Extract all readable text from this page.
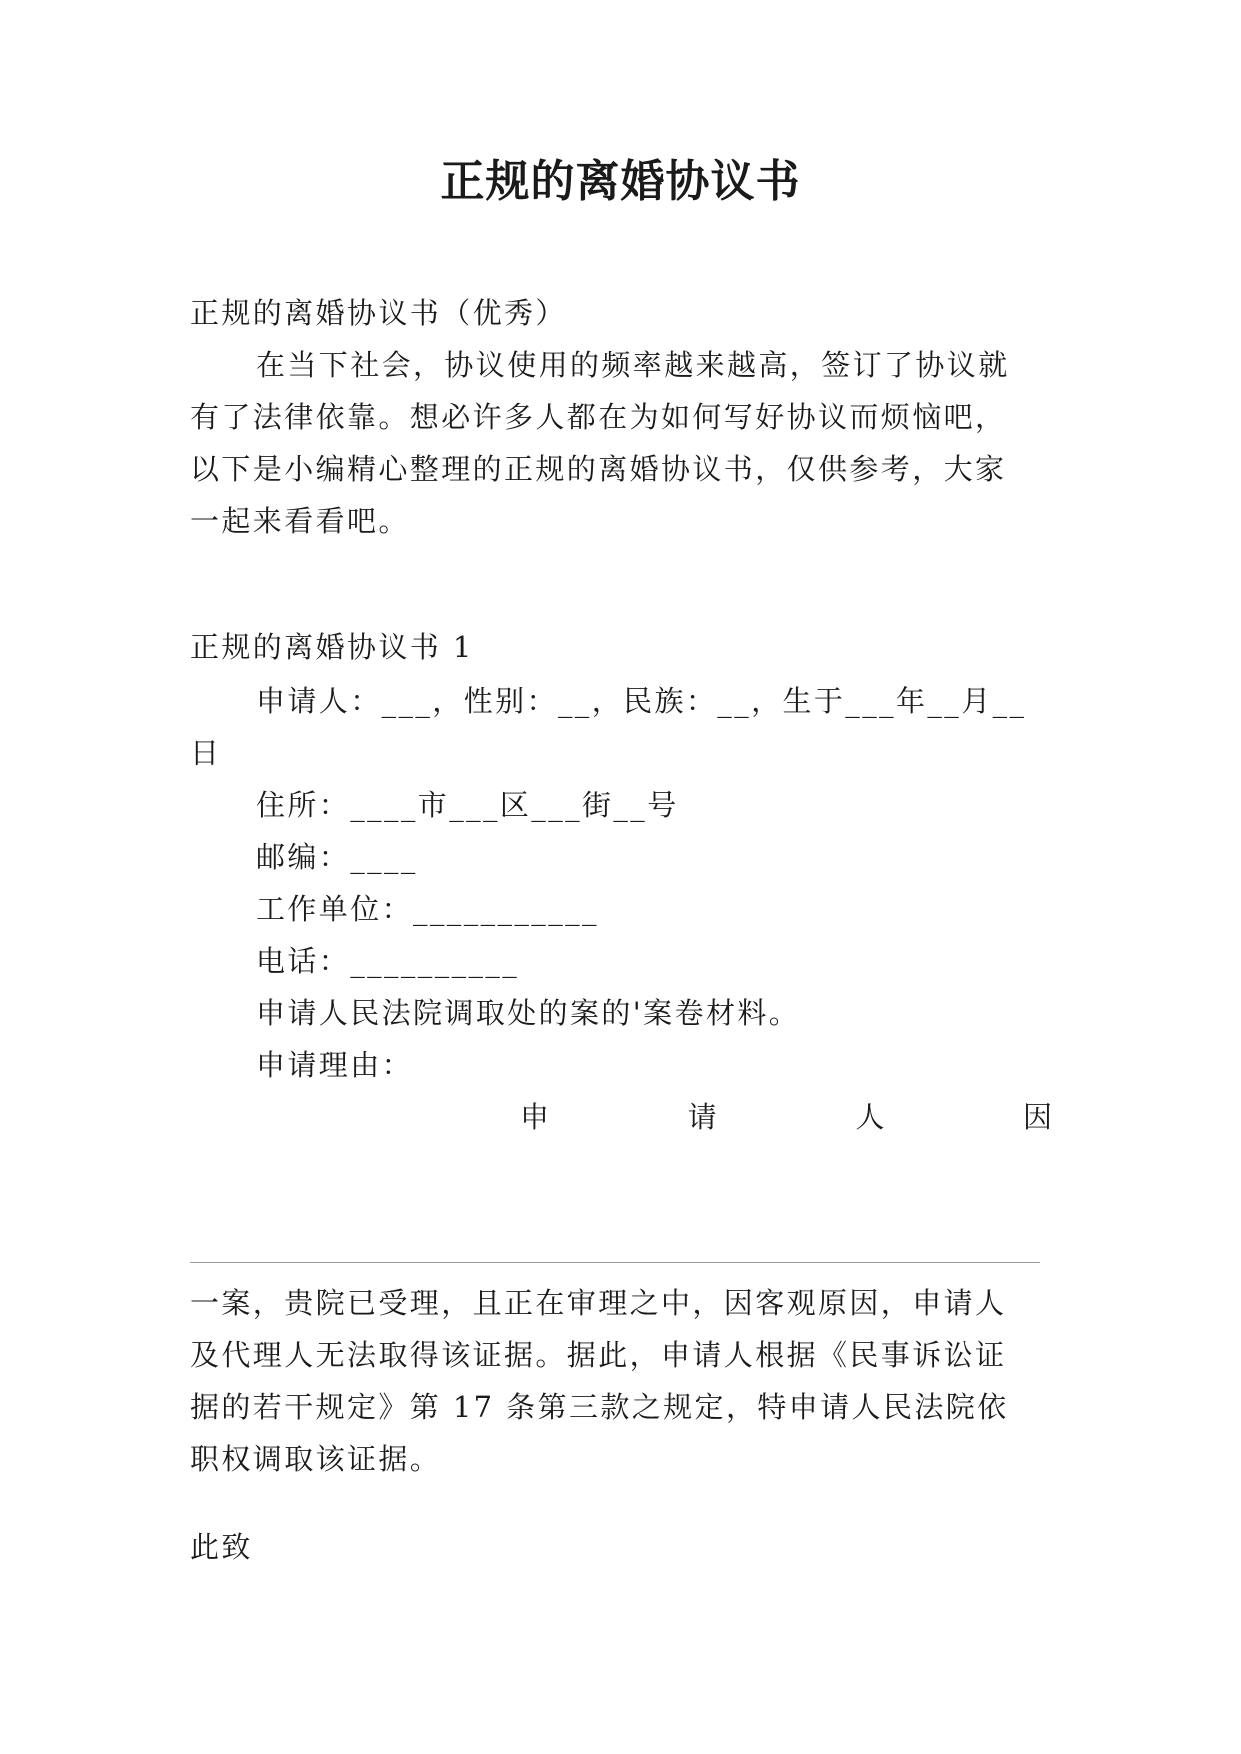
正规的离婚协议书
正规的离婚协议书（优秀）
在当下社会，协议使用的频率越来越高，签订了协议就
有了法律依靠。想必许多人都在为如何写好协议而烦恼吧，
以下是小编精心整理的正规的离婚协议书，仅供参考，大家
一起来看看吧。
正规的离婚协议书 1
申请人：___，性别：__，民族：__，生于___年__月__
日
住所：____市___区___街__号
邮编：____
工作单位：___________
电话：__________
申请人民法院调取处的案的'案卷材料。
申请理由：
申	请	人	因
一案，贵院已受理，且正在审理之中，因客观原因，申请人
及代理人无法取得该证据。据此，申请人根据《民事诉讼证
据的若干规定》第 17 条第三款之规定，特申请人民法院依
职权调取该证据。
此致
